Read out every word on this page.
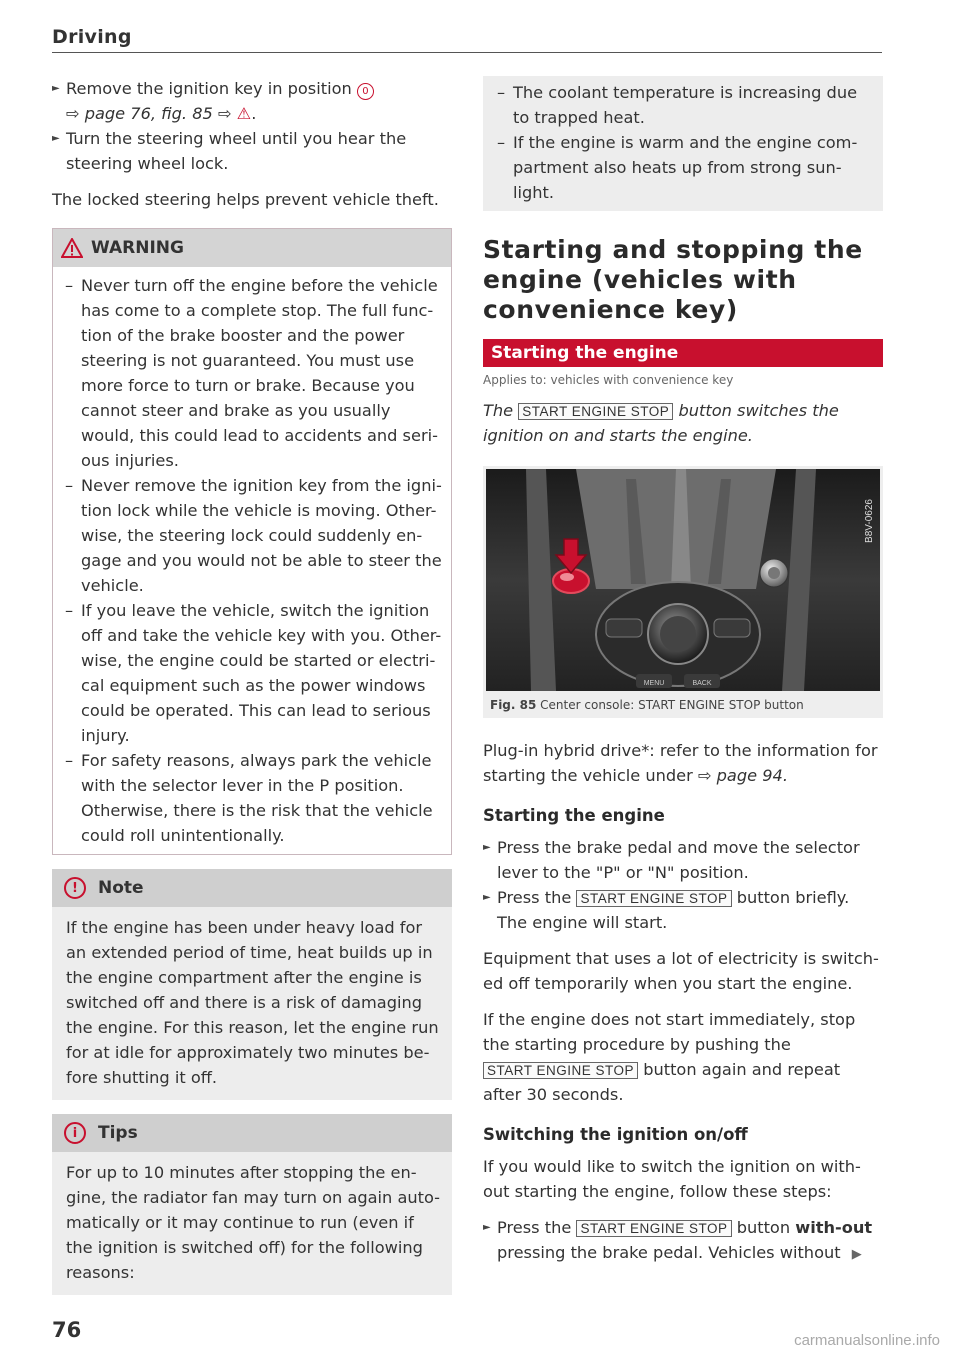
Driving
► Remove the ignition key in position 0
⇨ page 76, fig. 85 ⇨ ⚠.
► Turn the steering wheel until you hear the steering wheel lock.

The locked steering helps prevent vehicle theft.

WARNING
– Never turn off the engine before the vehicle has come to a complete stop. The full func-tion of the brake booster and the power steering is not guaranteed. You must use more force to turn or brake. Because you cannot steer and brake as you usually would, this could lead to accidents and seri-ous injuries.
– Never remove the ignition key from the igni-tion lock while the vehicle is moving. Other-wise, the steering lock could suddenly en-gage and you would not be able to steer the vehicle.
– If you leave the vehicle, switch the ignition off and take the vehicle key with you. Other-wise, the engine could be started or electri-cal equipment such as the power windows could be operated. This can lead to serious injury.
– For safety reasons, always park the vehicle with the selector lever in the P position. Otherwise, there is the risk that the vehicle could roll unintentionally.
!	Note
If the engine has been under heavy load for an extended period of time, heat builds up in the engine compartment after the engine is switched off and there is a risk of damaging the engine. For this reason, let the engine run for at idle for approximately two minutes be-fore shutting it off.
i	Tips
For up to 10 minutes after stopping the en-gine, the radiator fan may turn on again auto-matically or it may continue to run (even if the ignition is switched off) for the following reasons:
– The coolant temperature is increasing due to trapped heat.
– If the engine is warm and the engine com-partment also heats up from strong sun-light.
Starting and stopping the engine (vehicles with convenience key)
Starting the engine
Applies to: vehicles with convenience key

The START ENGINE STOP button switches the ignition on and starts the engine.

MENU	BACK
B8V-0626
Fig. 85 Center console: START ENGINE STOP button

Plug-in hybrid drive*: refer to the information for starting the vehicle under ⇨ page 94.

Starting the engine
► Press the brake pedal and move the selector lever to the "P" or "N" position.
► Press the START ENGINE STOP button briefly.
The engine will start.

Equipment that uses a lot of electricity is switch-ed off temporarily when you start the engine.

If the engine does not start immediately, stop the starting procedure by pushing the START ENGINE STOP button again and repeat after 30 seconds.

Switching the ignition on/off

If you would like to switch the ignition on with-out starting the engine, follow these steps:

► Press the START ENGINE STOP button with-out pressing the brake pedal. Vehicles without ▶
76	carmanualsonline.info
